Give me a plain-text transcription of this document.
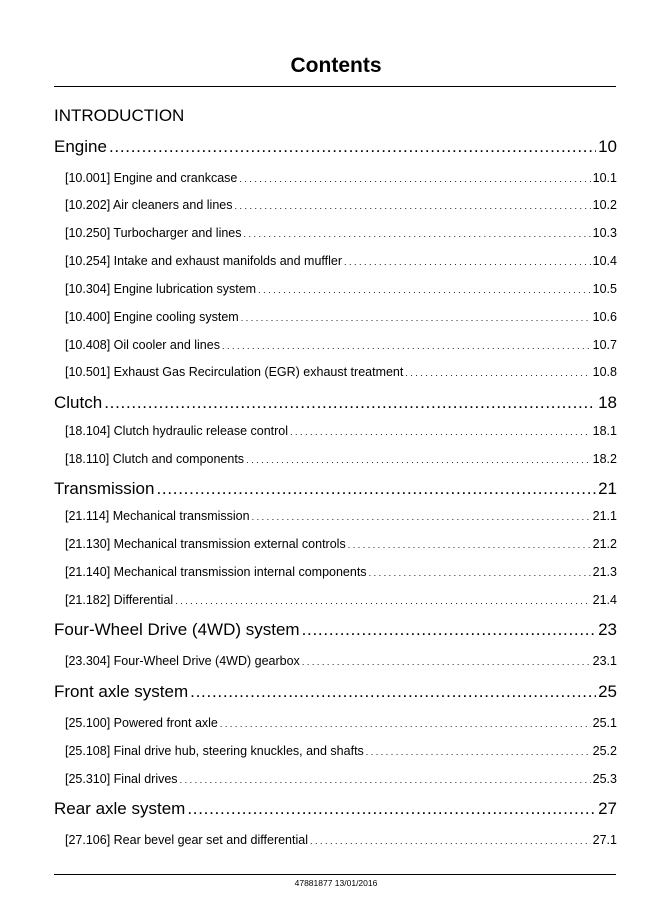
Contents
INTRODUCTION
Engine . . .	10
[10.001] Engine and crankcase . . .	10.1
[10.202] Air cleaners and lines . . .	10.2
[10.250] Turbocharger and lines . . .	10.3
[10.254] Intake and exhaust manifolds and muffler . . .	10.4
[10.304] Engine lubrication system . . .	10.5
[10.400] Engine cooling system . . .	10.6
[10.408] Oil cooler and lines . . .	10.7
[10.501] Exhaust Gas Recirculation (EGR) exhaust treatment . . .	10.8
Clutch . . .	18
[18.104] Clutch hydraulic release control . . .	18.1
[18.110] Clutch and components . . .	18.2
Transmission . . .	21
[21.114] Mechanical transmission . . .	21.1
[21.130] Mechanical transmission external controls . . .	21.2
[21.140] Mechanical transmission internal components . . .	21.3
[21.182] Differential . . .	21.4
Four-Wheel Drive (4WD) system . . .	23
[23.304] Four-Wheel Drive (4WD) gearbox . . .	23.1
Front axle system . . .	25
[25.100] Powered front axle . . .	25.1
[25.108] Final drive hub, steering knuckles, and shafts . . .	25.2
[25.310] Final drives . . .	25.3
Rear axle system . . .	27
[27.106] Rear bevel gear set and differential . . .	27.1
47881877 13/01/2016
